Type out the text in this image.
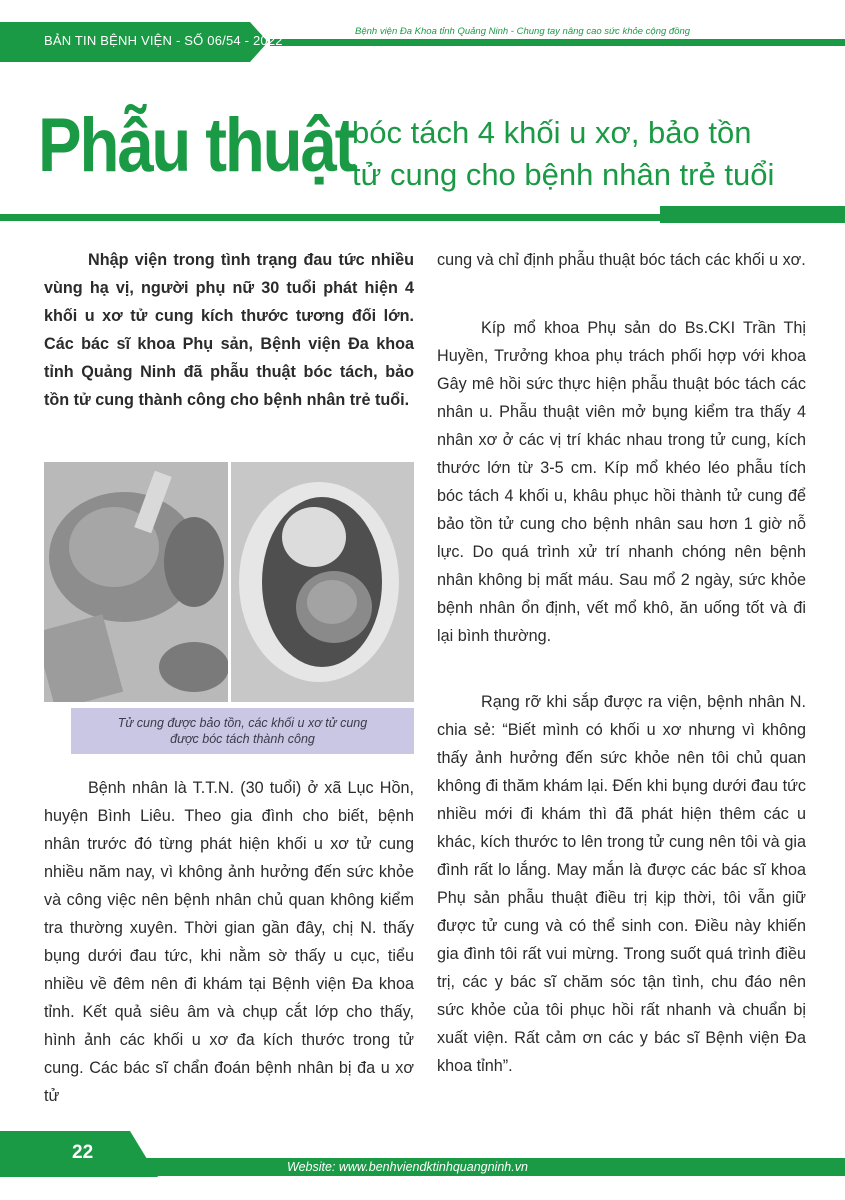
BẢN TIN BỆNH VIỆN - SỐ 06/54 - 2022
Bệnh viện Đa Khoa tỉnh Quảng Ninh - Chung tay nâng cao sức khỏe cộng đồng
Phẫu thuật
bóc tách 4 khối u xơ, bảo tồn
tử cung cho bệnh nhân trẻ tuổi
Phòng TT&HCQT

Nhập viện trong tình trạng đau tức nhiều vùng hạ vị, người phụ nữ 30 tuổi phát hiện 4 khối u xơ tử cung kích thước tương đối lớn. Các bác sĩ khoa Phụ sản, Bệnh viện Đa khoa tỉnh Quảng Ninh đã phẫu thuật bóc tách, bảo tồn tử cung thành công cho bệnh nhân trẻ tuổi.

Tử cung được bảo tồn, các khối u xơ tử cung
được bóc tách thành công

Bệnh nhân là T.T.N. (30 tuổi) ở xã Lục Hồn, huyện Bình Liêu. Theo gia đình cho biết, bệnh nhân trước đó từng phát hiện khối u xơ tử cung nhiều năm nay, vì không ảnh hưởng đến sức khỏe và công việc nên bệnh nhân chủ quan không kiểm tra thường xuyên. Thời gian gần đây, chị N. thấy bụng dưới đau tức, khi nằm sờ thấy u cục, tiểu nhiều về đêm nên đi khám tại Bệnh viện Đa khoa tỉnh. Kết quả siêu âm và chụp cắt lớp cho thấy, hình ảnh các khối u xơ đa kích thước trong tử cung. Các bác sĩ chẩn đoán bệnh nhân bị đa u xơ tử

cung và chỉ định phẫu thuật bóc tách các khối u xơ.

Kíp mổ khoa Phụ sản do Bs.CKI Trần Thị Huyền, Trưởng khoa phụ trách phối hợp với khoa Gây mê hồi sức thực hiện phẫu thuật bóc tách các nhân u. Phẫu thuật viên mở bụng kiểm tra thấy 4 nhân xơ ở các vị trí khác nhau trong tử cung, kích thước lớn từ 3-5 cm. Kíp mổ khéo léo phẫu tích bóc tách 4 khối u, khâu phục hồi thành tử cung để bảo tồn tử cung cho bệnh nhân sau hơn 1 giờ nỗ lực. Do quá trình xử trí nhanh chóng nên bệnh nhân không bị mất máu. Sau mổ 2 ngày, sức khỏe bệnh nhân ổn định, vết mổ khô, ăn uống tốt và đi lại bình thường.

Rạng rỡ khi sắp được ra viện, bệnh nhân N. chia sẻ: “Biết mình có khối u xơ nhưng vì không thấy ảnh hưởng đến sức khỏe nên tôi chủ quan không đi thăm khám lại. Đến khi bụng dưới đau tức nhiều mới đi khám thì đã phát hiện thêm các u khác, kích thước to lên trong tử cung nên tôi và gia đình rất lo lắng. May mắn là được các bác sĩ khoa Phụ sản phẫu thuật điều trị kịp thời, tôi vẫn giữ được tử cung và có thể sinh con. Điều này khiến gia đình tôi rất vui mừng. Trong suốt quá trình điều trị, các y bác sĩ chăm sóc tận tình, chu đáo nên sức khỏe của tôi phục hồi rất nhanh và chuẩn bị xuất viện. Rất cảm ơn các y bác sĩ Bệnh viện Đa khoa tỉnh”.

22
Website: www.benhviendktinhquangninh.vn
